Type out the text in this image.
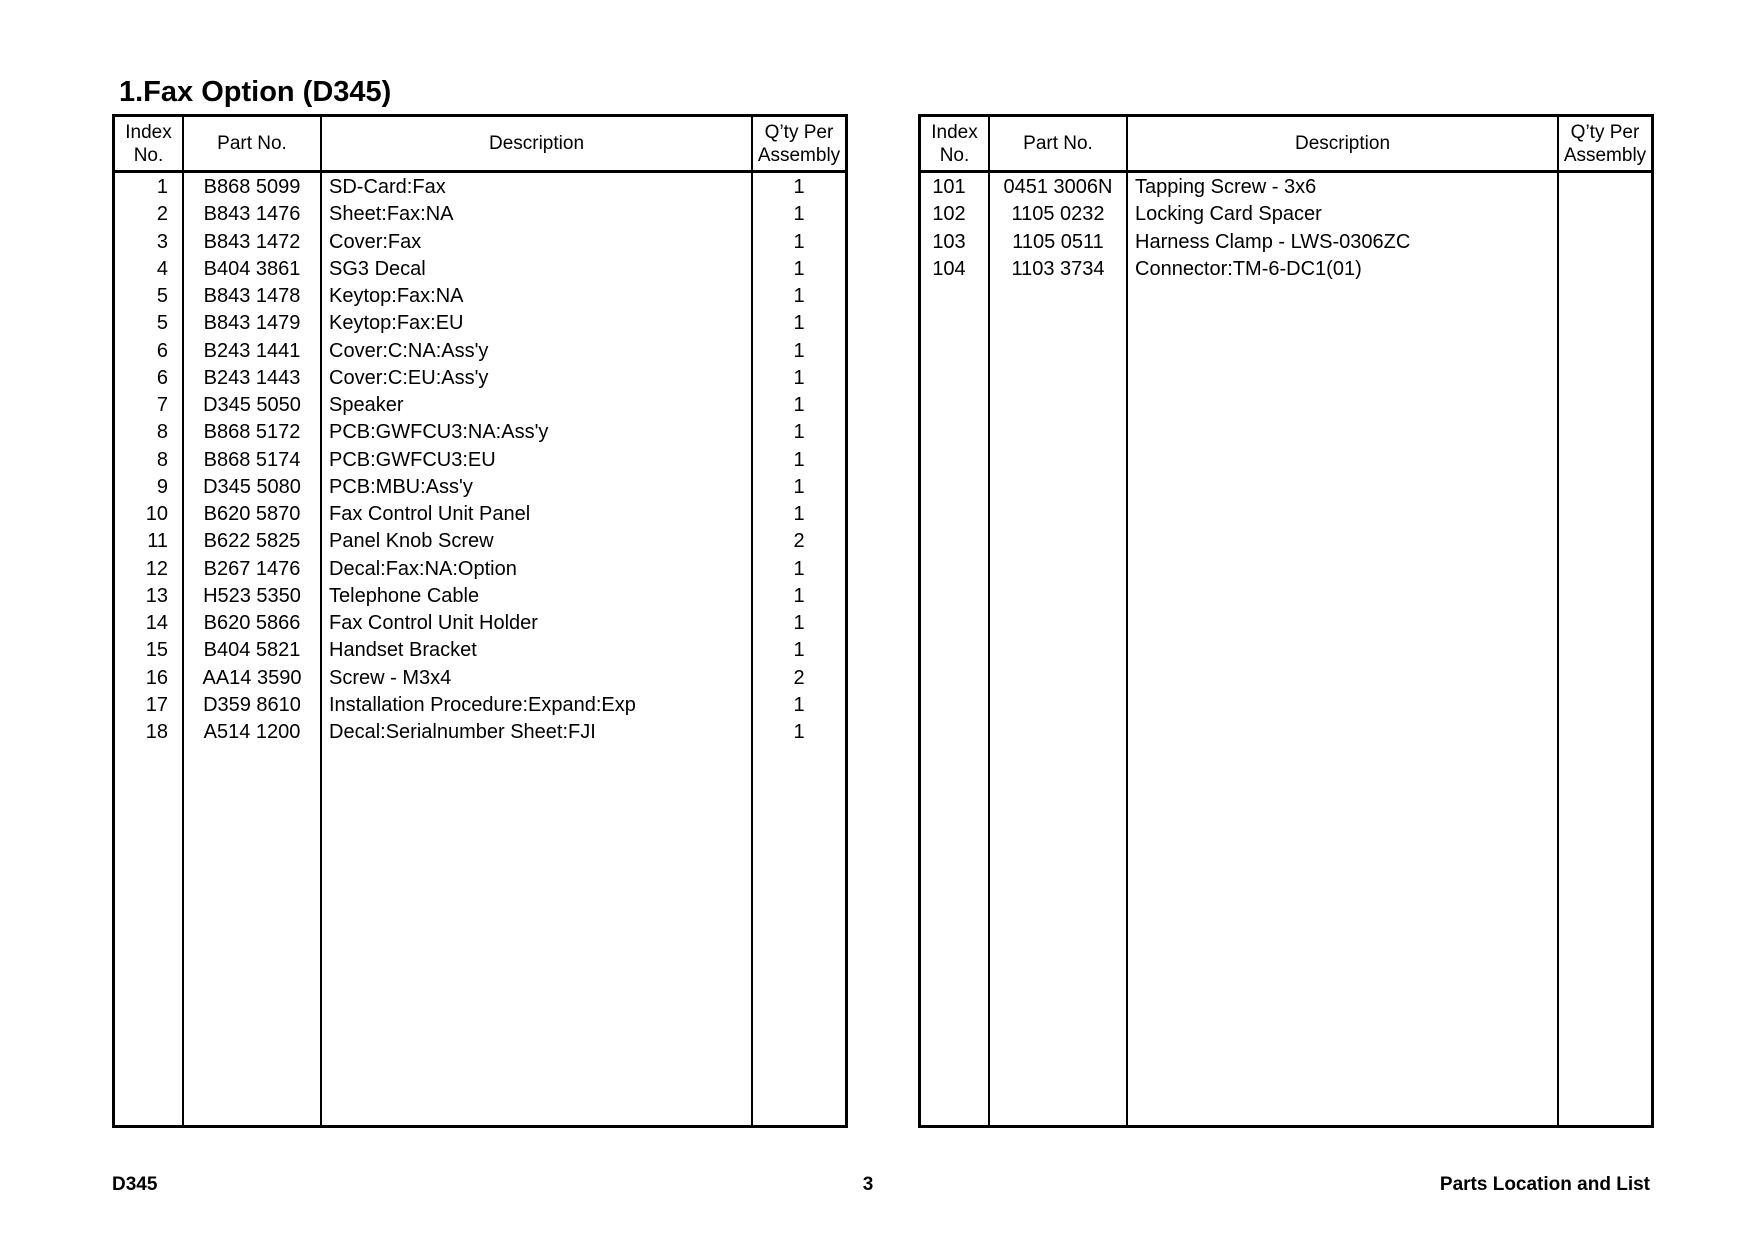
1.Fax Option (D345)
Index
No.
Part No.	Description
Q’ty Per
Assembly
1	B868 5099	SD-Card:Fax	1
2	B843 1476	Sheet:Fax:NA	1
3	B843 1472	Cover:Fax	1
4	B404 3861	SG3 Decal	1
5	B843 1478	Keytop:Fax:NA	1
5	B843 1479	Keytop:Fax:EU	1
6	B243 1441	Cover:C:NA:Ass'y	1
6	B243 1443	Cover:C:EU:Ass'y	1
7	D345 5050	Speaker	1
8	B868 5172	PCB:GWFCU3:NA:Ass'y	1
8	B868 5174	PCB:GWFCU3:EU	1
9	D345 5080	PCB:MBU:Ass'y	1
10	B620 5870	Fax Control Unit Panel	1
11	B622 5825	Panel Knob Screw	2
12	B267 1476	Decal:Fax:NA:Option	1
13	H523 5350	Telephone Cable	1
14	B620 5866	Fax Control Unit Holder	1
15	B404 5821	Handset Bracket	1
16	AA14 3590	Screw - M3x4	2
17	D359 8610	Installation Procedure:Expand:Exp	1
18	A514 1200	Decal:Serialnumber Sheet:FJI	1
Index
No.
Part No.	Description
Q’ty Per
Assembly
101	0451 3006N	Tapping Screw - 3x6
102	1105 0232	Locking Card Spacer
103	1105 0511	Harness Clamp - LWS-0306ZC
104	1103 3734	Connector:TM-6-DC1(01)
D345	3	Parts Location and List
